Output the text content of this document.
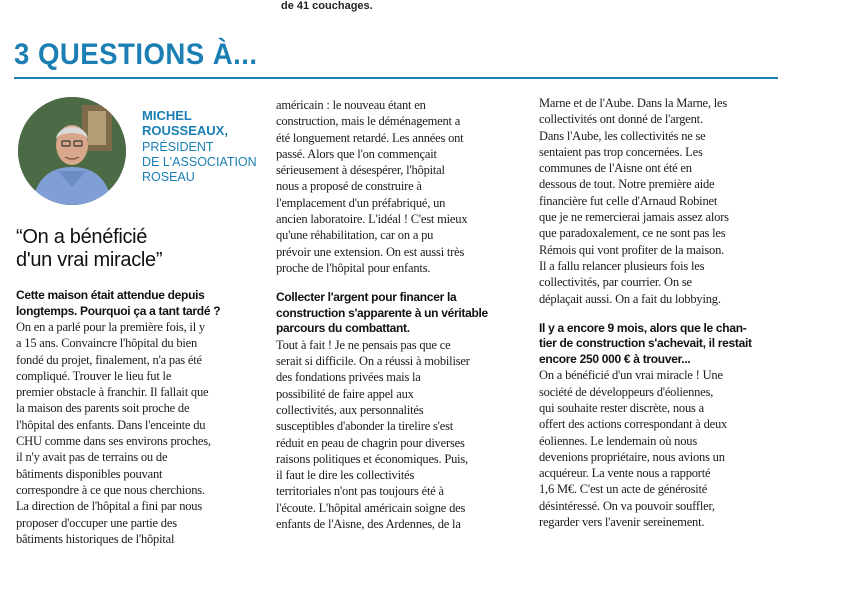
de 41 couchages.
3 QUESTIONS À...
MICHEL
ROUSSEAUX,
PRÉSIDENT
DE L'ASSOCIATION
ROSEAU
“On a bénéficié
d'un vrai miracle”
Cette maison était attendue depuis
longtemps. Pourquoi ça a tant tardé ?
On en a parlé pour la première fois, il y
a 15 ans. Convaincre l'hôpital du bien
fondé du projet, finalement, n'a pas été
compliqué. Trouver le lieu fut le
premier obstacle à franchir. Il fallait que
la maison des parents soit proche de
l'hôpital des enfants. Dans l'enceinte du
CHU comme dans ses environs proches,
il n'y avait pas de terrains ou de
bâtiments disponibles pouvant
correspondre à ce que nous cherchions.
La direction de l'hôpital a fini par nous
proposer d'occuper une partie des
bâtiments historiques de l'hôpital
américain : le nouveau étant en
construction, mais le déménagement a
été longuement retardé. Les années ont
passé. Alors que l'on commençait
sérieusement à désespérer, l'hôpital
nous a proposé de construire à
l'emplacement d'un préfabriqué, un
ancien laboratoire. L'idéal ! C'est mieux
qu'une réhabilitation, car on a pu
prévoir une extension. On est aussi très
proche de l'hôpital pour enfants.
Collecter l'argent pour financer la
construction s'apparente à un véritable
parcours du combattant.
Tout à fait ! Je ne pensais pas que ce
serait si difficile. On a réussi à mobiliser
des fondations privées mais la
possibilité de faire appel aux
collectivités, aux personnalités
susceptibles d'abonder la tirelire s'est
réduit en peau de chagrin pour diverses
raisons politiques et économiques. Puis,
il faut le dire les collectivités
territoriales n'ont pas toujours été à
l'écoute. L'hôpital américain soigne des
enfants de l'Aisne, des Ardennes, de la
Marne et de l'Aube. Dans la Marne, les
collectivités ont donné de l'argent.
Dans l'Aube, les collectivités ne se
sentaient pas trop concernées. Les
communes de l'Aisne ont été en
dessous de tout. Notre première aide
financière fut celle d'Arnaud Robinet
que je ne remercierai jamais assez alors
que paradoxalement, ce ne sont pas les
Rémois qui vont profiter de la maison.
Il a fallu relancer plusieurs fois les
collectivités, par courrier. On se
déplaçait aussi. On a fait du lobbying.
Il y a encore 9 mois, alors que le chan-
tier de construction s'achevait, il restait
encore 250 000 € à trouver...
On a bénéficié d'un vrai miracle ! Une
société de développeurs d'éoliennes,
qui souhaite rester discrète, nous a
offert des actions correspondant à deux
éoliennes. Le lendemain où nous
devenions propriétaire, nous avions un
acquéreur. La vente nous a rapporté
1,6 M€. C'est un acte de générosité
désintéressé. On va pouvoir souffler,
regarder vers l'avenir sereinement.
